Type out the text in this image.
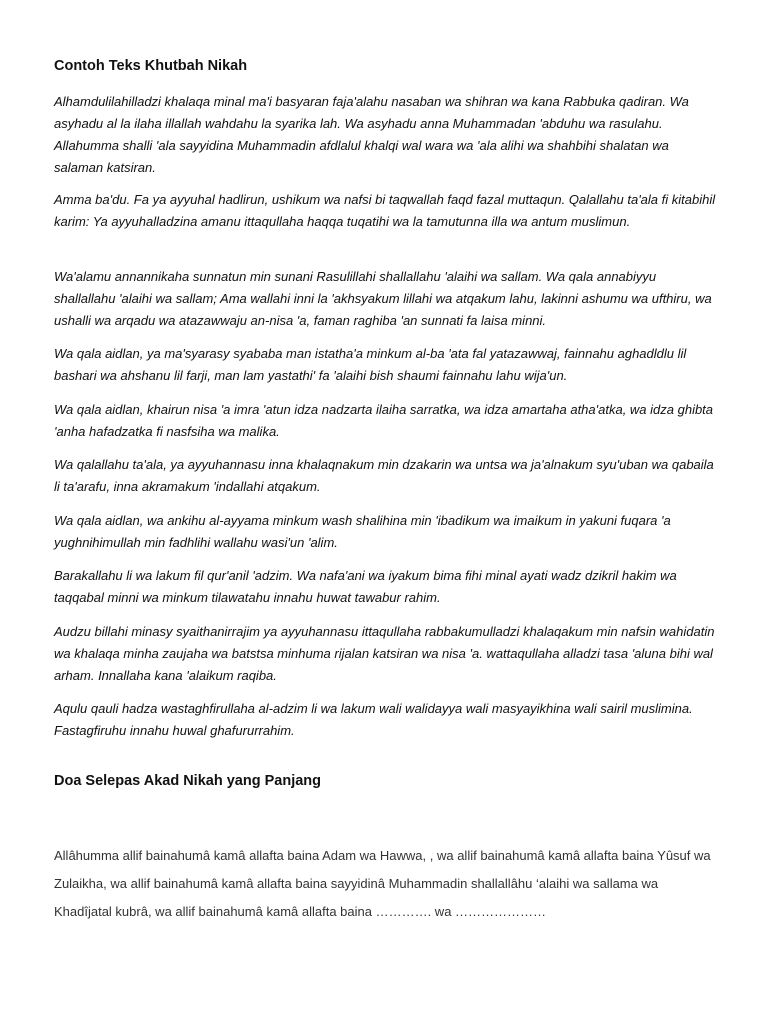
Contoh Teks Khutbah Nikah

Alhamdulilahilladzi khalaqa minal ma'i basyaran faja'alahu nasaban wa shihran wa kana Rabbuka qadiran. Wa asyhadu al la ilaha illallah wahdahu la syarika lah. Wa asyhadu anna Muhammadan 'abduhu wa rasulahu. Allahumma shalli 'ala sayyidina Muhammadin afdlalul khalqi wal wara wa 'ala alihi wa shahbihi shalatan wa salaman katsiran.

Amma ba'du. Fa ya ayyuhal hadlirun, ushikum wa nafsi bi taqwallah faqd fazal muttaqun. Qalallahu ta'ala fi kitabihil karim: Ya ayyuhalladzina amanu ittaqullaha haqqa tuqatihi wa la tamutunna illa wa antum muslimun.

Wa'alamu annannikaha sunnatun min sunani Rasulillahi shallallahu 'alaihi wa sallam. Wa qala annabiyyu shallallahu 'alaihi wa sallam; Ama wallahi inni la 'akhsyakum lillahi wa atqakum lahu, lakinni ashumu wa ufthiru, wa ushalli wa arqadu wa atazawwaju an-nisa 'a, faman raghiba 'an sunnati fa laisa minni.

Wa qala aidlan, ya ma'syarasy syababa man istatha'a minkum al-ba 'ata fal yatazawwaj, fainnahu aghadldlu lil bashari wa ahshanu lil farji, man lam yastathi' fa 'alaihi bish shaumi fainnahu lahu wija'un.

Wa qala aidlan, khairun nisa 'a imra 'atun idza nadzarta ilaiha sarratka, wa idza amartaha atha'atka, wa idza ghibta 'anha hafadzatka fi nasfsiha wa malika.

Wa qalallahu ta'ala, ya ayyuhannasu inna khalaqnakum min dzakarin wa untsa wa ja'alnakum syu'uban wa qabaila li ta'arafu, inna akramakum 'indallahi atqakum.

Wa qala aidlan, wa ankihu al-ayyama minkum wash shalihina min 'ibadikum wa imaikum in yakuni fuqara 'a yughnihimullah min fadhlihi wallahu wasi'un 'alim.

Barakallahu li wa lakum fil qur'anil 'adzim. Wa nafa'ani wa iyakum bima fihi minal ayati wadz dzikril hakim wa taqqabal minni wa minkum tilawatahu innahu huwat tawabur rahim.

Audzu billahi minasy syaithanirrajim ya ayyuhannasu ittaqullaha rabbakumulladzi khalaqakum min nafsin wahidatin wa khalaqa minha zaujaha wa batstsa minhuma rijalan katsiran wa nisa 'a. wattaqullaha alladzi tasa 'aluna bihi wal arham. Innallaha kana 'alaikum raqiba.

Aqulu qauli hadza wastaghfirullaha al-adzim li wa lakum wali walidayya wali masyayikhina wali sairil muslimina. Fastagfiruhu innahu huwal ghafururrahim.

Doa Selepas Akad Nikah yang Panjang

Allâhumma allif bainahumâ kamâ allafta baina Adam wa Hawwa, , wa allif bainahumâ kamâ allafta baina Yûsuf wa Zulaikha, wa allif bainahumâ kamâ allafta baina sayyidinâ Muhammadin shallallâhu ‘alaihi wa sallama wa Khadîjatal kubrâ, wa allif bainahumâ kamâ allafta baina …………. wa …………………
